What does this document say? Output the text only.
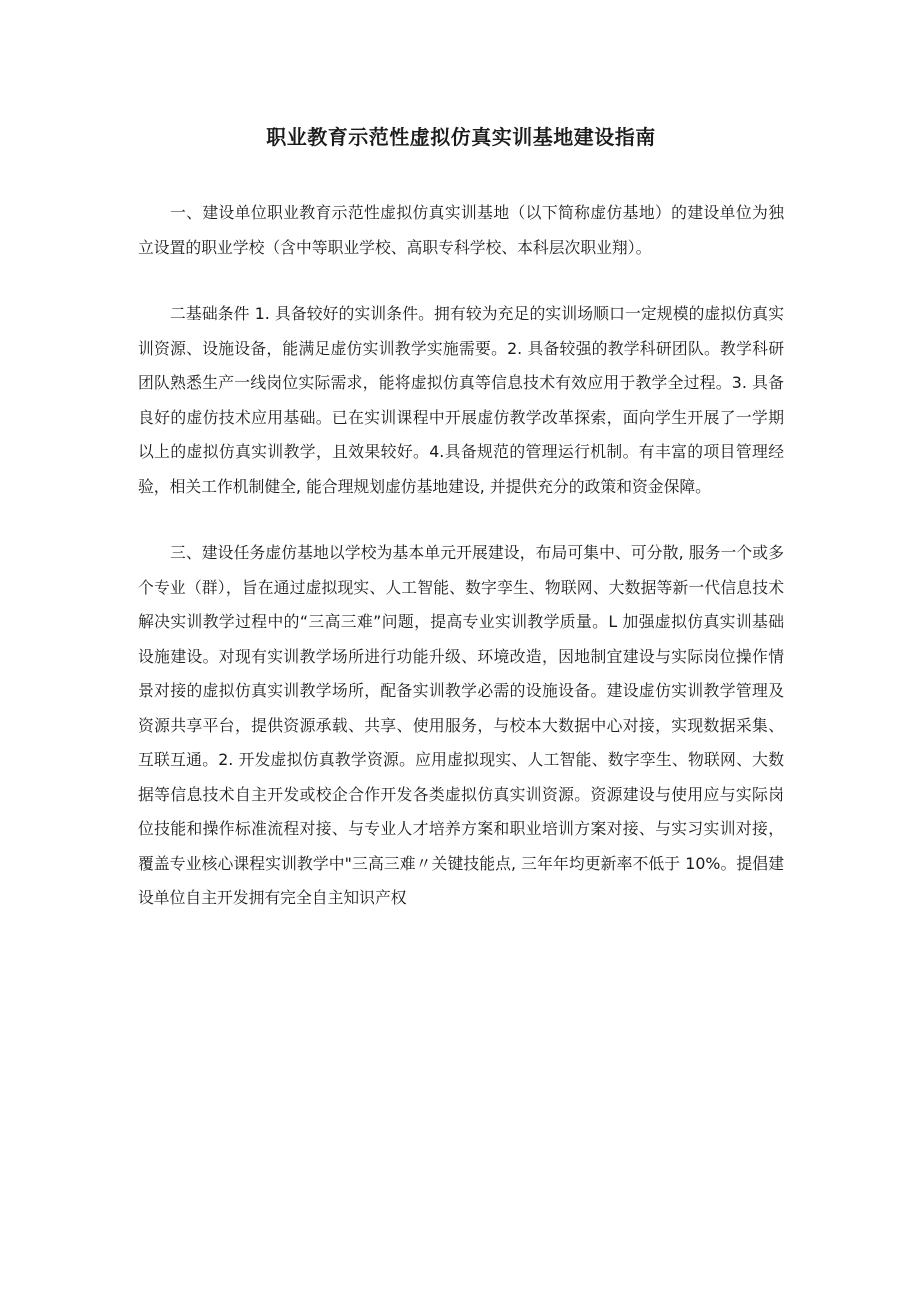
职业教育示范性虚拟仿真实训基地建设指南

一、建设单位职业教育示范性虚拟仿真实训基地（以下简称虚仿基地）的建设单位为独立设置的职业学校（含中等职业学校、高职专科学校、本科层次职业翔）。

二基础条件 1. 具备较好的实训条件。拥有较为充足的实训场顺口一定规模的虚拟仿真实训资源、设施设备，能满足虚仿实训教学实施需要。2. 具备较强的教学科研团队。教学科研团队熟悉生产一线岗位实际需求，能将虚拟仿真等信息技术有效应用于教学全过程。3. 具备良好的虚仿技术应用基础。已在实训课程中开展虚仿教学改革探索，面向学生开展了一学期以上的虚拟仿真实训教学，且效果较好。4.具备规范的管理运行机制。有丰富的项目管理经验，相关工作机制健全, 能合理规划虚仿基地建设, 并提供充分的政策和资金保障。

三、建设任务虚仿基地以学校为基本单元开展建设，布局可集中、可分散, 服务一个或多个专业（群），旨在通过虚拟现实、人工智能、数字孪生、物联网、大数据等新一代信息技术解决实训教学过程中的“三高三难”问题，提高专业实训教学质量。L 加强虚拟仿真实训基础设施建设。对现有实训教学场所进行功能升级、环境改造，因地制宜建设与实际岗位操作情景对接的虚拟仿真实训教学场所，配备实训教学必需的设施设备。建设虚仿实训教学管理及资源共享平台，提供资源承载、共享、使用服务，与校本大数据中心对接，实现数据采集、互联互通。2. 开发虚拟仿真教学资源。应用虚拟现实、人工智能、数字孪生、物联网、大数据等信息技术自主开发或校企合作开发各类虚拟仿真实训资源。资源建设与使用应与实际岗位技能和操作标准流程对接、与专业人才培养方案和职业培训方案对接、与实习实训对接，覆盖专业核心课程实训教学中"三高三难〃关键技能点, 三年年均更新率不低于 10%。提倡建设单位自主开发拥有完全自主知识产权
